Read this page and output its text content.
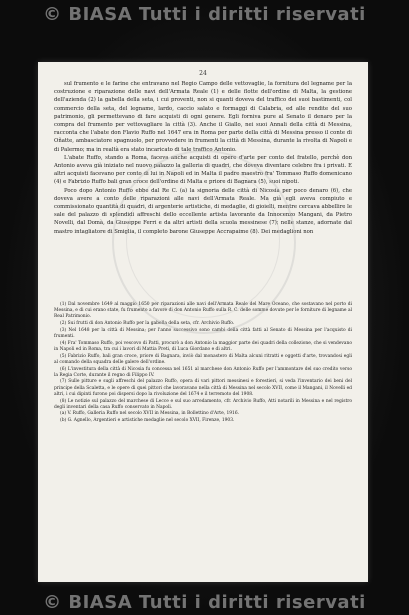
© BIASA Tutti i diritti riservati
24

sul frumento e le farine che entravano nel Regio Campo delle vettovaglie, la fornitura del legname per la costruzione e riparazione delle navi dell'Armata Reale (1) e delle flotte dell'ordine di Malta, la gestione dell'azienda (2) la gabella della seta, i cui proventi, non si quanti doveva del traffico dei suoi bastimenti, col commercio della seta, del legname, lardo, caccio salato e formaggi di Calabria, ed alle rendite del suo patrimonio, gli permettevano di fare acquisti di ogni genere. Egli forniva pure al Senato il denaro per la compra del frumento per vettovagliare la città (3). Anche il Giallo, nei suoi Annali della città di Messina, racconta che l'abate don Flavio Ruffo nel 1647 era in Roma per parte della città di Messina presso il conte di Oñatte, ambasciatore spagnuolo, per provvedere in frumenti la città di Messina, durante la rivolta di Napoli e di Palermo; ma in realtà era stato incaricato di tale traffico Antonio.

L'abate Ruffo, stando a Roma, faceva anche acquisti di opere d'arte per conto del fratello, perchè don Antonio aveva già iniziato nel nuovo palazzo la galleria di quadri, che doveva diventare celebre fra i privati. E altri acquisti facevano per conto di lui in Napoli ed in Malta il padre maestro fra' Tommaso Ruffo domenicano (4) e Fabrizio Ruffo bali gran croce dell'ordine di Malta e priore di Bagnara (5), suoi nipoti.

Poco dopo Antonio Ruffo ebbe dal Re C. (a) la signoria delle città di Nicosia per poco denaro (6), che doveva avere a conto delle riparazioni alle navi dell'Armata Reale. Ma già egli aveva compiuto e commissionato quantità di quadri, di argenterie artistiche, di medaglie, di gioielli, mentre cercava abbellire le sale del palazzo di splendidi affreschi dello eccellente artista lavorante da Innocenzo Mangani, da Pietro Novelli, dal Domà, da Giuseppe Ferri e da altri artisti della scuola messinese (7); nelle stanze, adornate dal mastro intagliatore di Smiglia, il completo barone Giuseppe Accrapaime (8). Dei medaglioni non

(1) Dal novembre 1649 al maggio 1650 per riparazioni alle navi dell'Armata Reale del Mare Oceano, che sostavano nel porto di Messina, e di cui erano state, fu frumento a favore di don Antonio Ruffo sulla R. C. delle somme dovute per le forniture di legname al Real Patrimonio.

(2) Sui frutti di don Antonio Ruffo per la gabella della seta, cfr. Archivio Ruffo.

(3) Nel 1648 per la città di Messina; per l'anno successivo sono cambi della città fatti al Senato di Messina per l'acquisto di frumenti.

(4) Fra' Tommaso Ruffo, poi vescovo di Patti, procurò a don Antonio la maggior parte dei quadri della collezione, che si vendevano in Napoli ed in Roma, tra cui i lavori di Mattia Preti, di Luca Giordano e di altri.

(5) Fabrizio Ruffo, bali gran croce, priore di Bagnara, inviò dal monastero di Malta alcuni ritratti e oggetti d'arte, trovandosi egli al comando della squadra delle galere dell'ordine.

(6) L'investitura della città di Nicosia fu concessa nel 1651 al marchese don Antonio Ruffo per l'ammontare del suo credito verso la Regia Corte, durante il regno di Filippo IV.

(7) Sulle pitture e sugli affreschi del palazzo Ruffo, opera di vari pittori messinesi e forestieri, si veda l'inventario dei beni del principe della Scaletta, e le opere di quei pittori che lavoravano nella città di Messina nel secolo XVII, come il Mangani, il Novelli ed altri, i cui dipinti furono poi dispersi dopo la rivoluzione del 1674 e il terremoto del 1908.

(8) Le notizie sul palazzo del marchese di Lecce e sul suo arredamento, cfr. Archivio Ruffo, Atti notarili in Messina e nel registro degli inventari della casa Ruffo conservato in Napoli.

(a) V. Ruffo, Galleria Ruffo nel secolo XVII in Messina, in Bollettino d'Arte, 1916.

(b) G. Agnello, Argentieri e artistiche medaglie nel secolo XVII, Firenze, 1903.

© BIASA Tutti i diritti riservati
